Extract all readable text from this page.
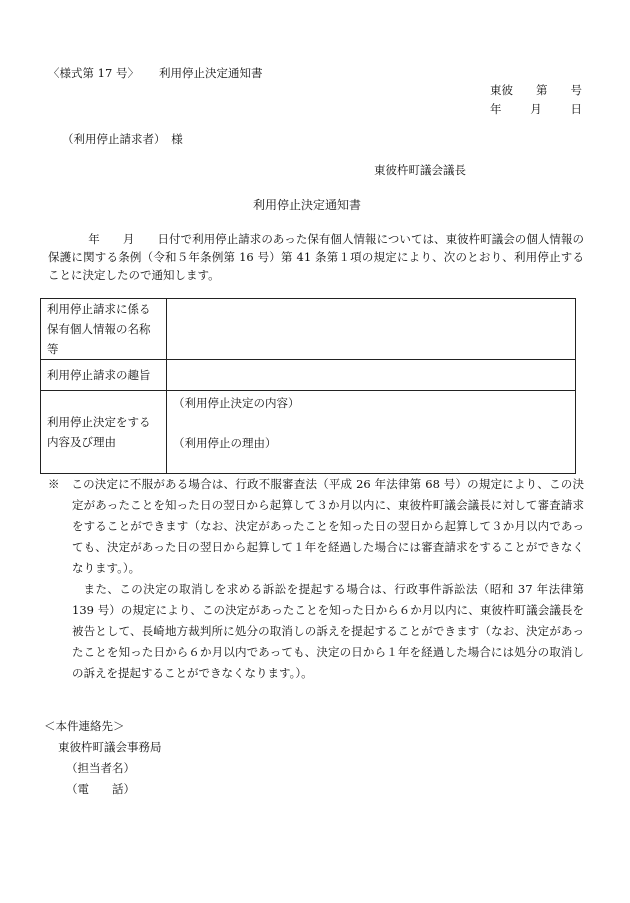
〈様式第 17 号〉 利用停止決定通知書
東彼 第 号
年	月	日
（利用停止請求者）　様
東彼杵町議会議長
利用停止決定通知書
年　　月　　日付で利用停止請求のあった保有個人情報については、東彼杵町議会の個人情報の保護に関する条例（令和５年条例第 16 号）第 41 条第１項の規定により、次のとおり、利用停止することに決定したので通知します。
利用停止請求に係る保有個人情報の名称等	
利用停止請求の趣旨	
利用停止決定をする内容及び理由	（利用停止決定の内容）
（利用停止の理由）
※　この決定に不服がある場合は、行政不服審査法（平成 26 年法律第 68 号）の規定により、この決定があったことを知った日の翌日から起算して３か月以内に、東彼杵町議会議長に対して審査請求をすることができます（なお、決定があったことを知った日の翌日から起算して３か月以内であっても、決定があった日の翌日から起算して１年を経過した場合には審査請求をすることができなくなります。）。
また、この決定の取消しを求める訴訟を提起する場合は、行政事件訴訟法（昭和 37 年法律第 139 号）の規定により、この決定があったことを知った日から６か月以内に、東彼杵町議会議長を被告として、長崎地方裁判所に処分の取消しの訴えを提起することができます（なお、決定があったことを知った日から６か月以内であっても、決定の日から１年を経過した場合には処分の取消しの訴えを提起することができなくなります。）。
＜本件連絡先＞
東彼杵町議会事務局
（担当者名）
（電　　話）
